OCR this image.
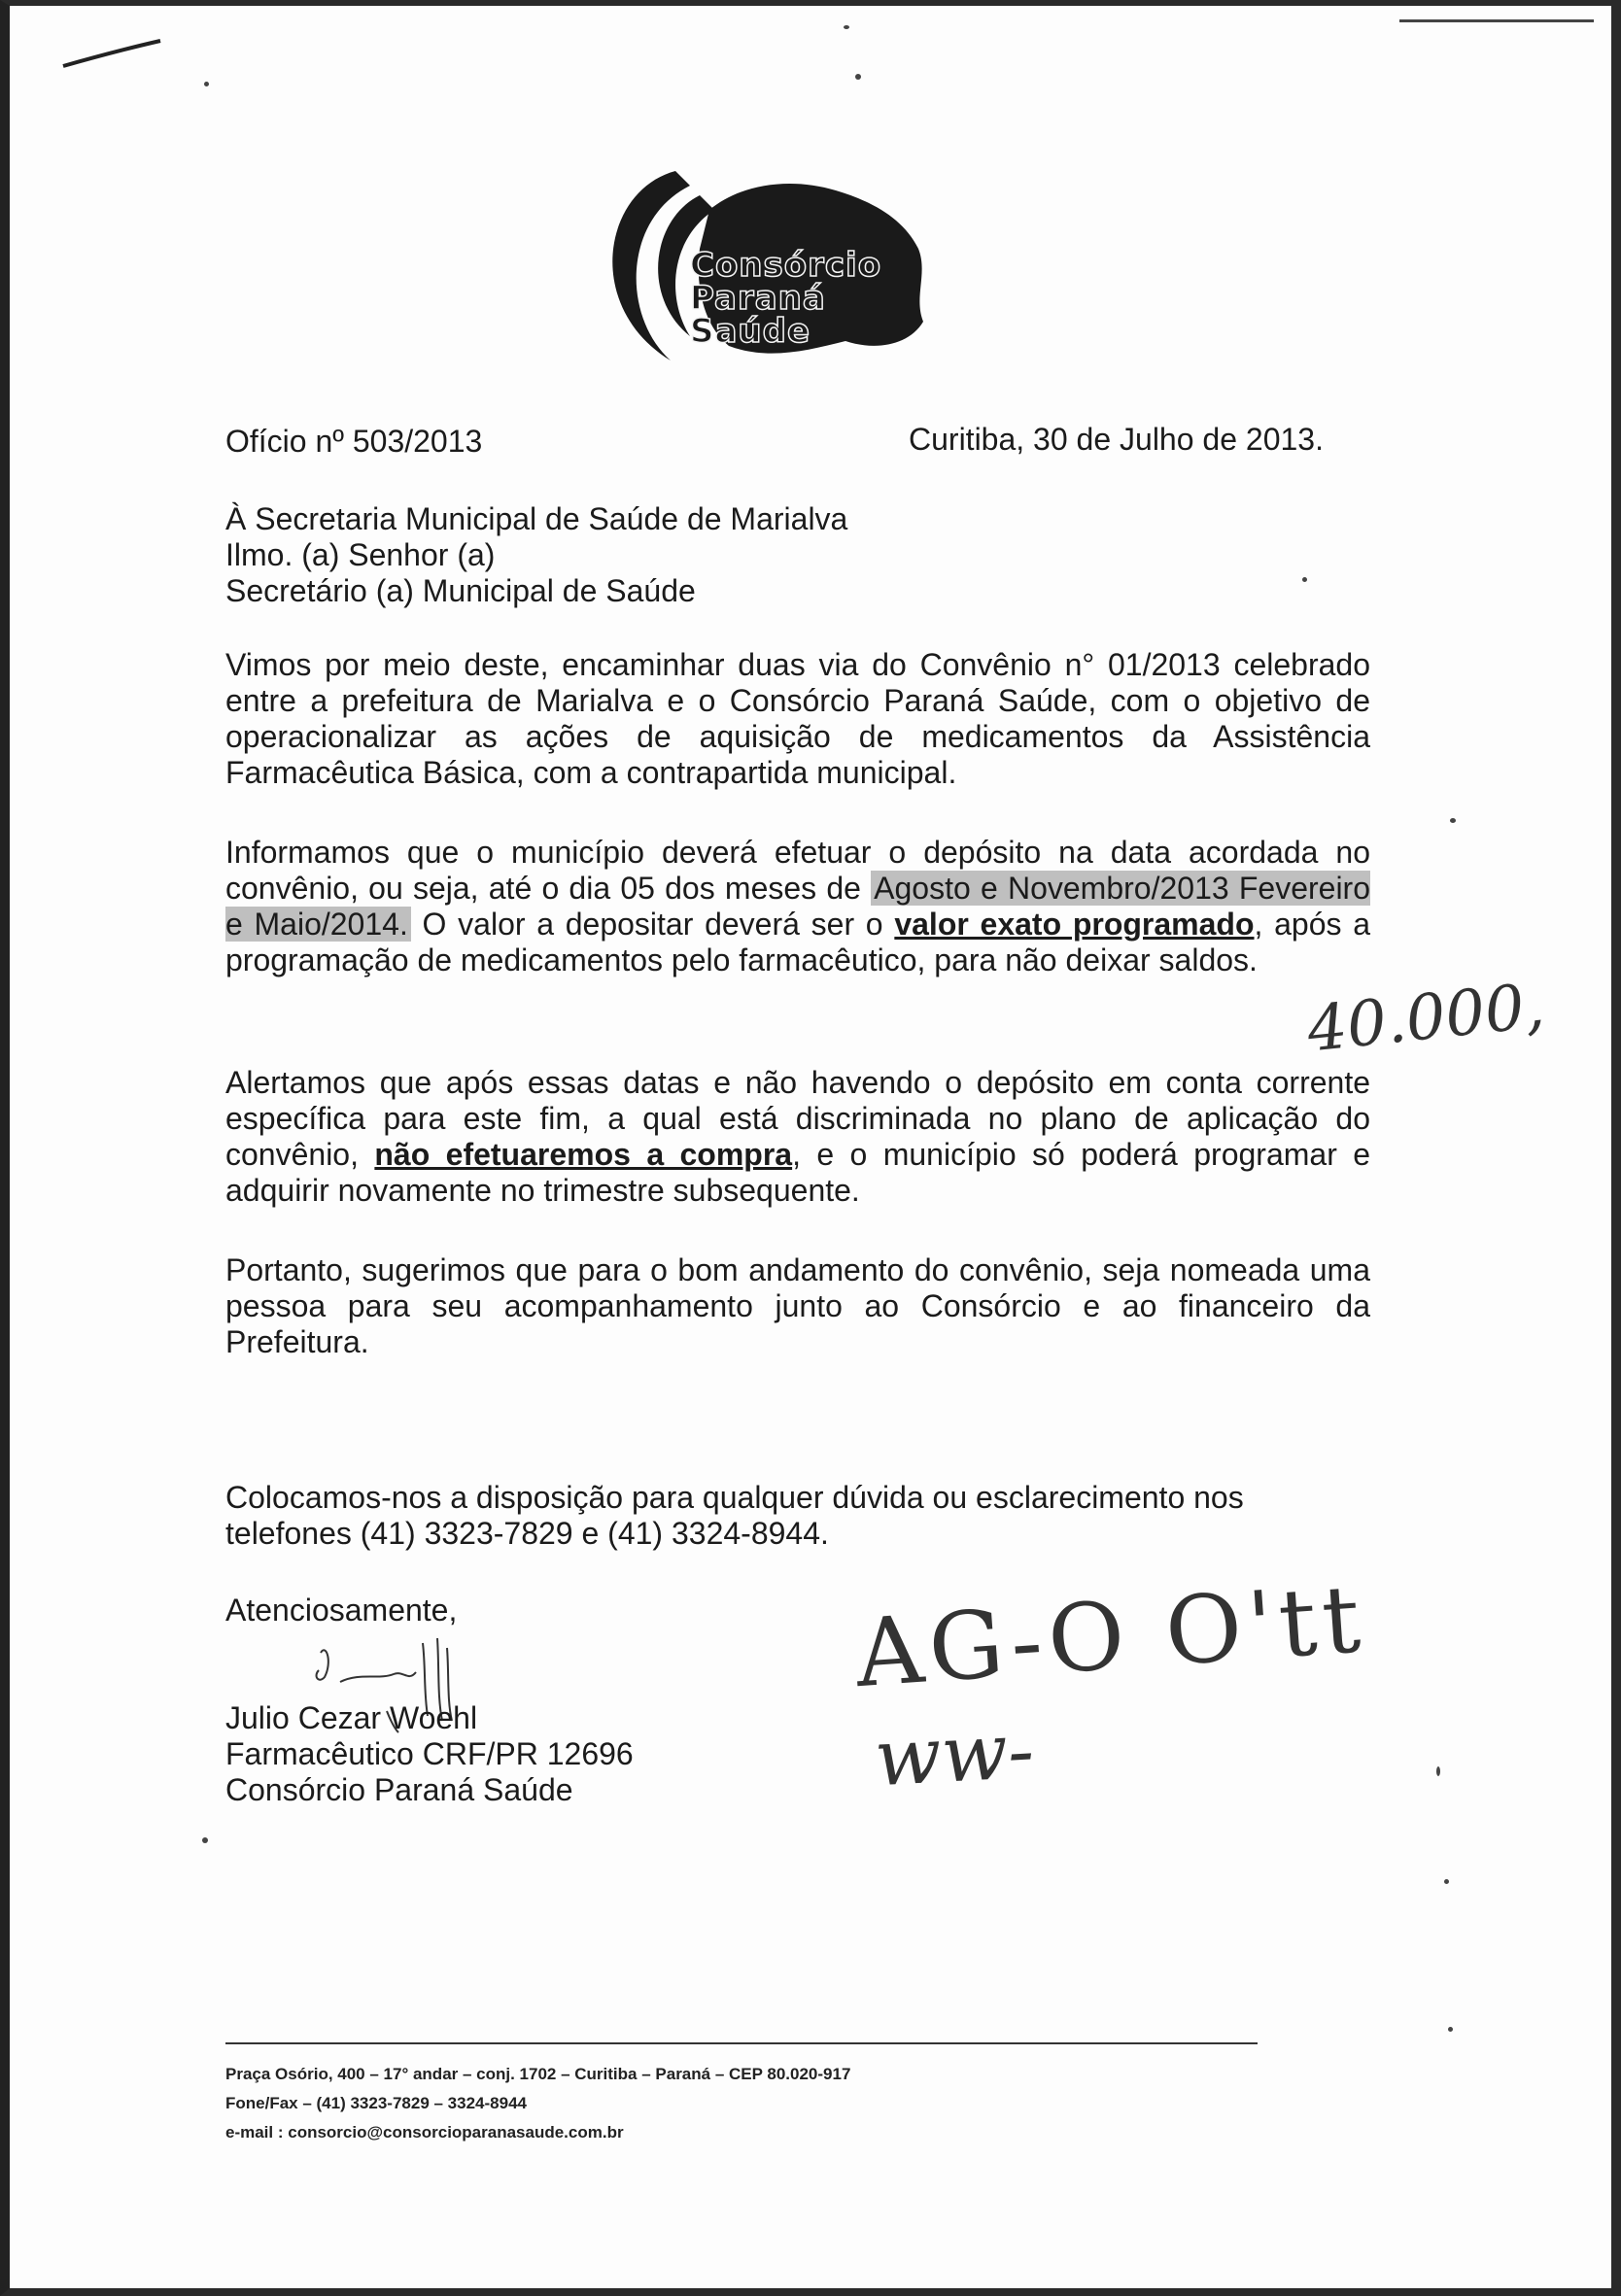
Consórcio Paraná
Saúde
Ofício nº 503/2013	Curitiba, 30 de Julho de 2013.
À Secretaria Municipal de Saúde de Marialva
Ilmo. (a) Senhor (a)
Secretário (a) Municipal de Saúde
Vimos por meio deste, encaminhar duas via do Convênio n° 01/2013 celebrado entre a prefeitura de Marialva e o Consórcio Paraná Saúde, com o objetivo de operacionalizar as ações de aquisição de medicamentos da Assistência Farmacêutica Básica, com a contrapartida municipal.
Informamos que o município deverá efetuar o depósito na data acordada no convênio, ou seja, até o dia 05 dos meses de Agosto e Novembro/2013 Fevereiro e Maio/2014. O valor a depositar deverá ser o valor exato programado, após a programação de medicamentos pelo farmacêutico, para não deixar saldos.
Alertamos que após essas datas e não havendo o depósito em conta corrente específica para este fim, a qual está discriminada no plano de aplicação do convênio, não efetuaremos a compra, e o município só poderá programar e adquirir novamente no trimestre subsequente.
Portanto, sugerimos que para o bom andamento do convênio, seja nomeada uma pessoa para seu acompanhamento junto ao Consórcio e ao financeiro da Prefeitura.
Colocamos-nos a disposição para qualquer dúvida ou esclarecimento nos telefones (41) 3323-7829 e (41) 3324-8944.
Atenciosamente,
Julio Cezar Woehl
Farmacêutico CRF/PR 12696
Consórcio Paraná Saúde
40.000,
AG-O O'tt
ww-
Praça Osório, 400 – 17° andar – conj. 1702 – Curitiba – Paraná – CEP 80.020-917
Fone/Fax – (41) 3323-7829 – 3324-8944
e-mail : consorcio@consorcioparanasaude.com.br
